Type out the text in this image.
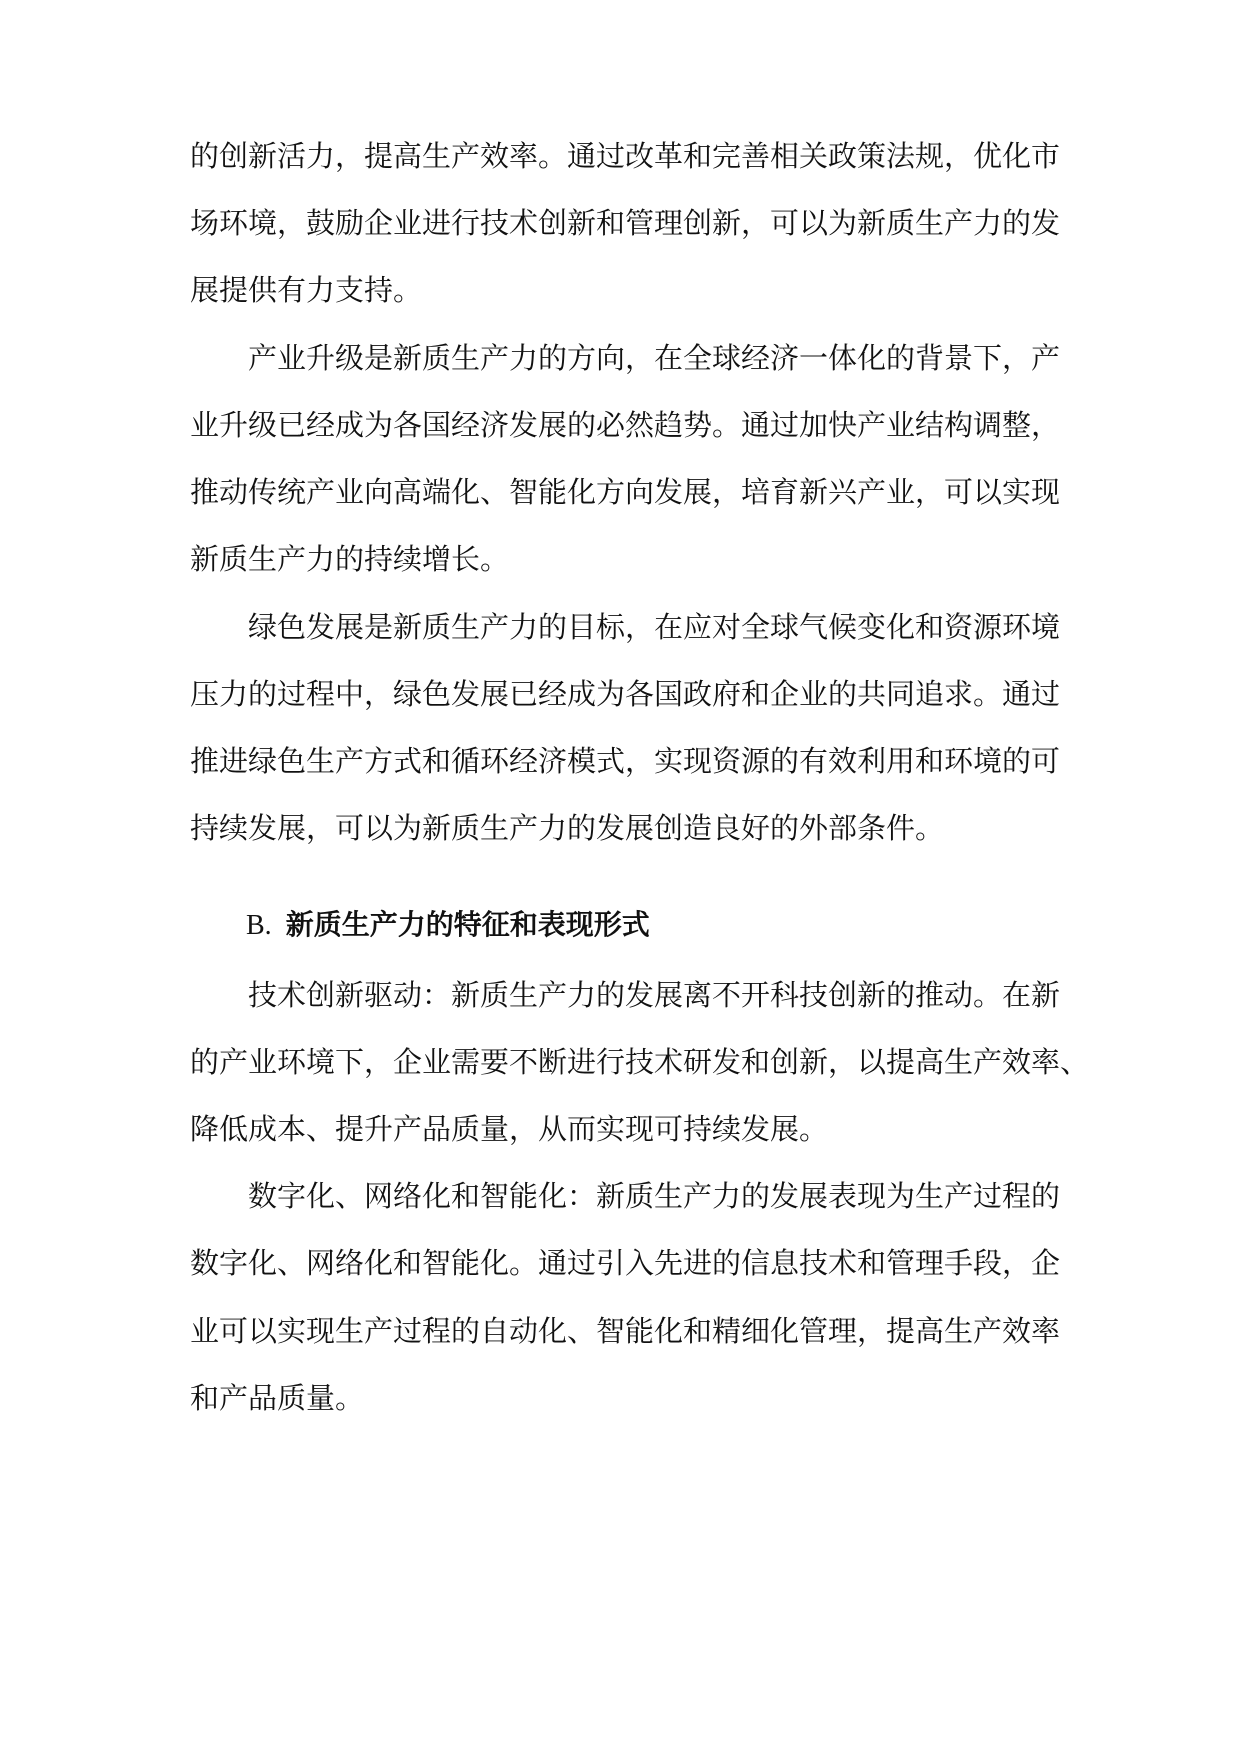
的创新活力，提高生产效率。通过改革和完善相关政策法规，优化市

场环境，鼓励企业进行技术创新和管理创新，可以为新质生产力的发

展提供有力支持。

产业升级是新质生产力的方向，在全球经济一体化的背景下，产

业升级已经成为各国经济发展的必然趋势。通过加快产业结构调整，

推动传统产业向高端化、智能化方向发展，培育新兴产业，可以实现

新质生产力的持续增长。

绿色发展是新质生产力的目标，在应对全球气候变化和资源环境

压力的过程中，绿色发展已经成为各国政府和企业的共同追求。通过

推进绿色生产方式和循环经济模式，实现资源的有效利用和环境的可

持续发展，可以为新质生产力的发展创造良好的外部条件。

B. 新质生产力的特征和表现形式

技术创新驱动：新质生产力的发展离不开科技创新的推动。在新

的产业环境下，企业需要不断进行技术研发和创新，以提高生产效率、

降低成本、提升产品质量，从而实现可持续发展。

数字化、网络化和智能化：新质生产力的发展表现为生产过程的

数字化、网络化和智能化。通过引入先进的信息技术和管理手段，企

业可以实现生产过程的自动化、智能化和精细化管理，提高生产效率

和产品质量。
